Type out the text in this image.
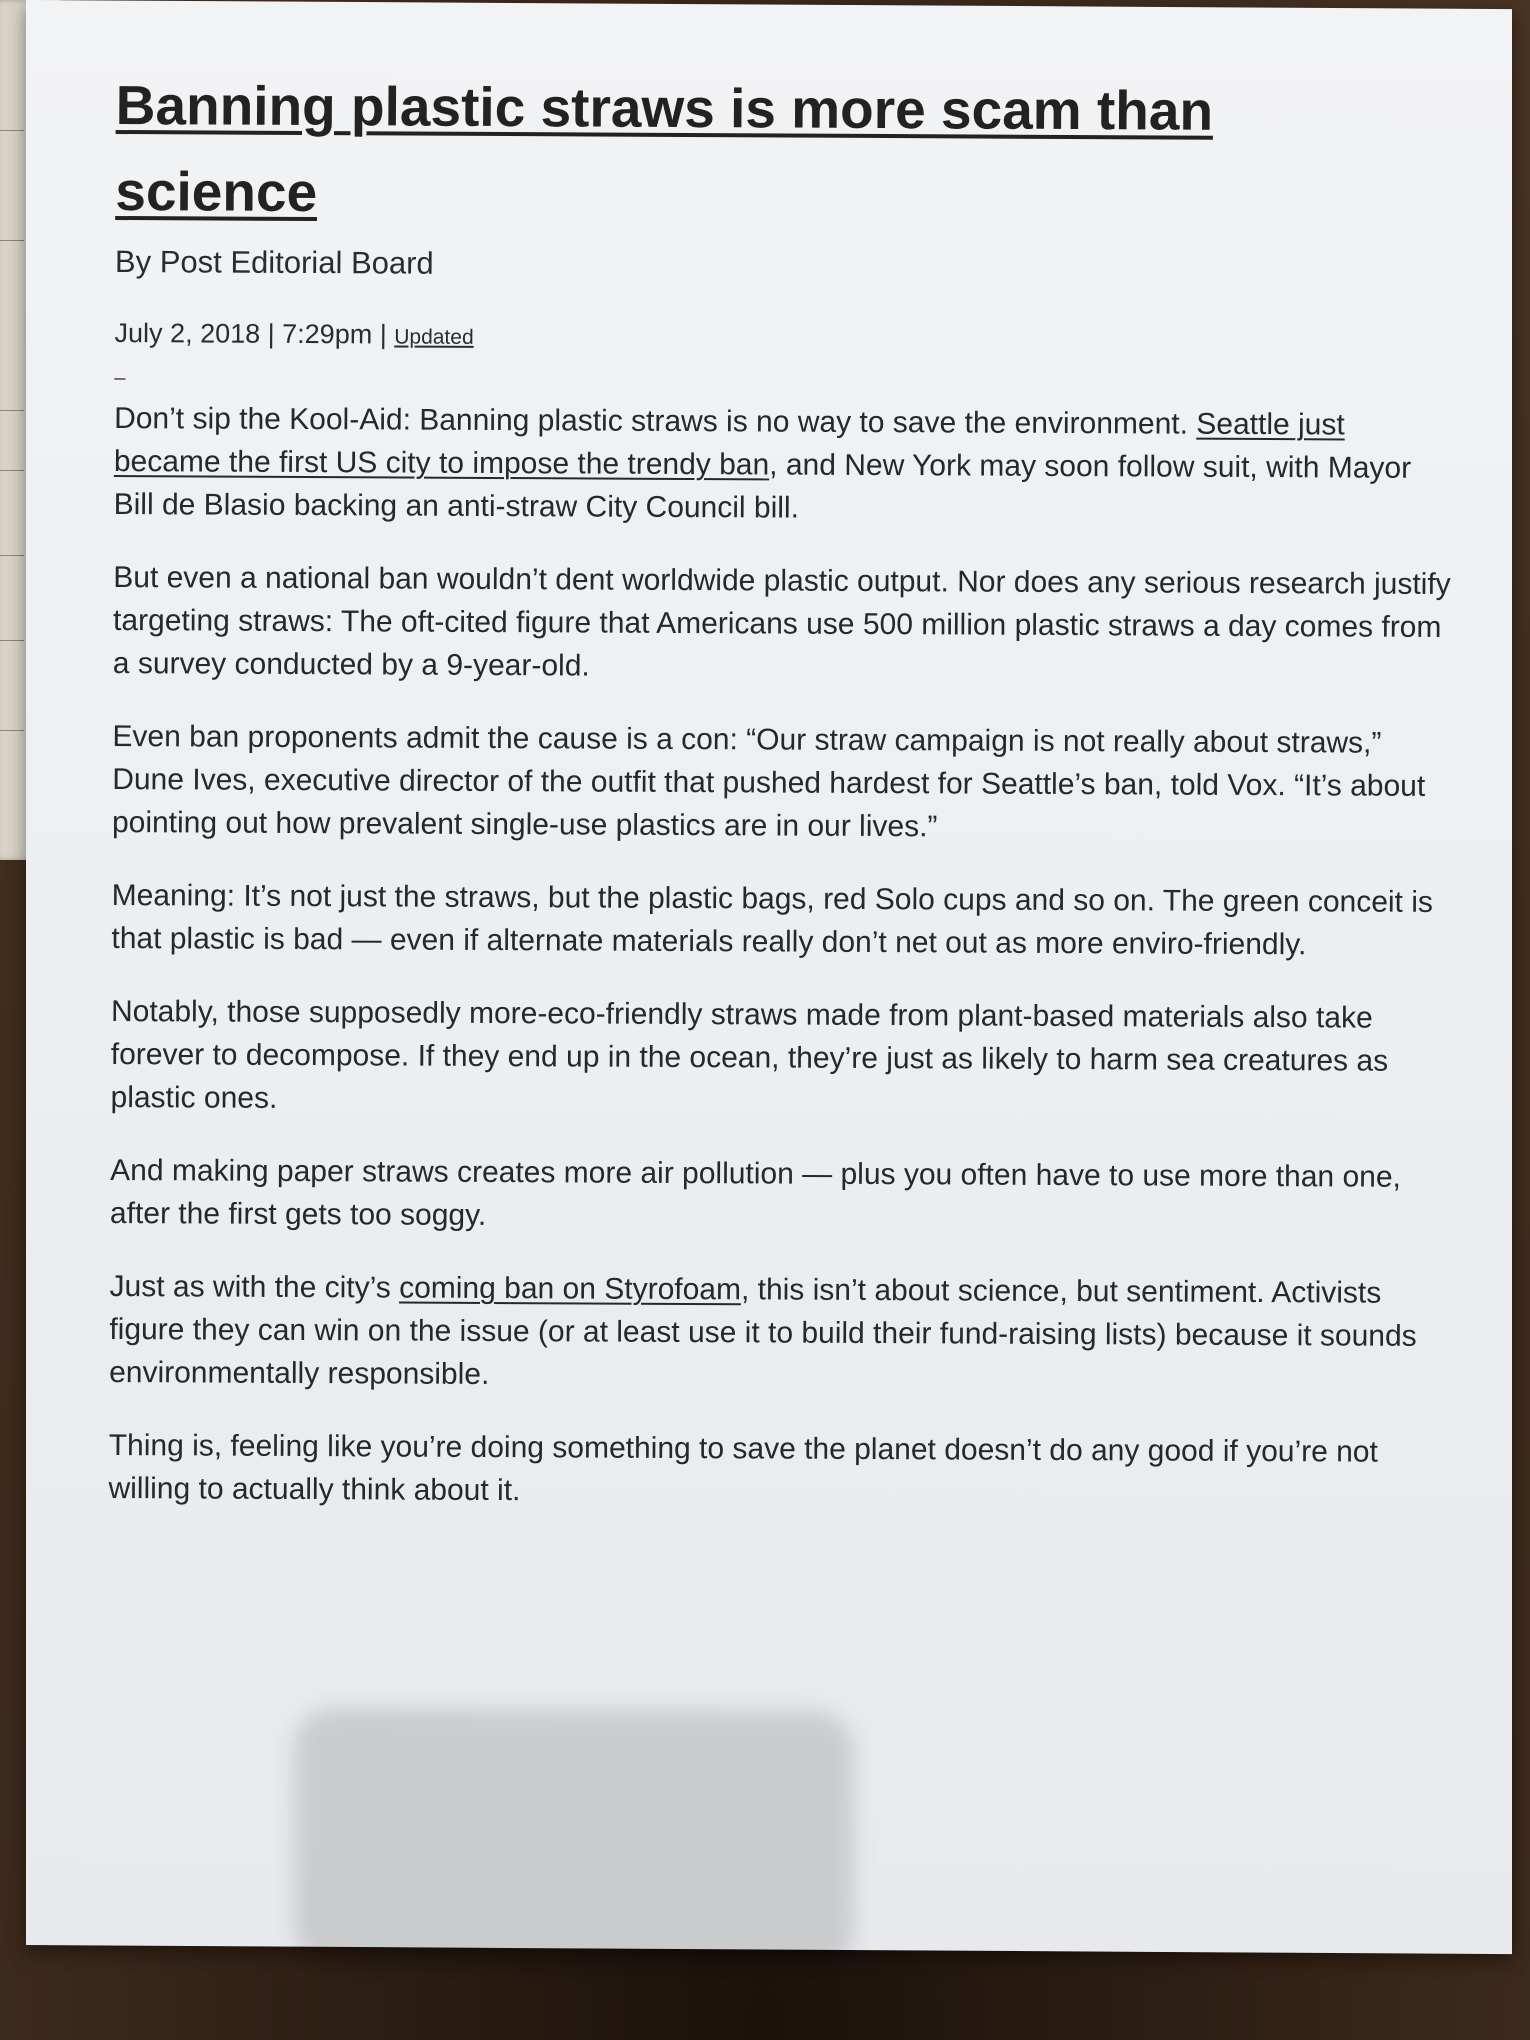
Banning plastic straws is more scam than science
By Post Editorial Board
July 2, 2018 | 7:29pm | Updated
–

Don’t sip the Kool-Aid: Banning plastic straws is no way to save the environment. Seattle just became the first US city to impose the trendy ban, and New York may soon follow suit, with Mayor Bill de Blasio backing an anti-straw City Council bill.

But even a national ban wouldn’t dent worldwide plastic output. Nor does any serious research justify targeting straws: The oft-cited figure that Americans use 500 million plastic straws a day comes from a survey conducted by a 9-year-old.

Even ban proponents admit the cause is a con: “Our straw campaign is not really about straws,” Dune Ives, executive director of the outfit that pushed hardest for Seattle’s ban, told Vox. “It’s about pointing out how prevalent single-use plastics are in our lives.”

Meaning: It’s not just the straws, but the plastic bags, red Solo cups and so on. The green conceit is that plastic is bad — even if alternate materials really don’t net out as more enviro-friendly.

Notably, those supposedly more-eco-friendly straws made from plant-based materials also take forever to decompose. If they end up in the ocean, they’re just as likely to harm sea creatures as plastic ones.

And making paper straws creates more air pollution — plus you often have to use more than one, after the first gets too soggy.

Just as with the city’s coming ban on Styrofoam, this isn’t about science, but sentiment. Activists figure they can win on the issue (or at least use it to build their fund-raising lists) because it sounds environmentally responsible.

Thing is, feeling like you’re doing something to save the planet doesn’t do any good if you’re not willing to actually think about it.
